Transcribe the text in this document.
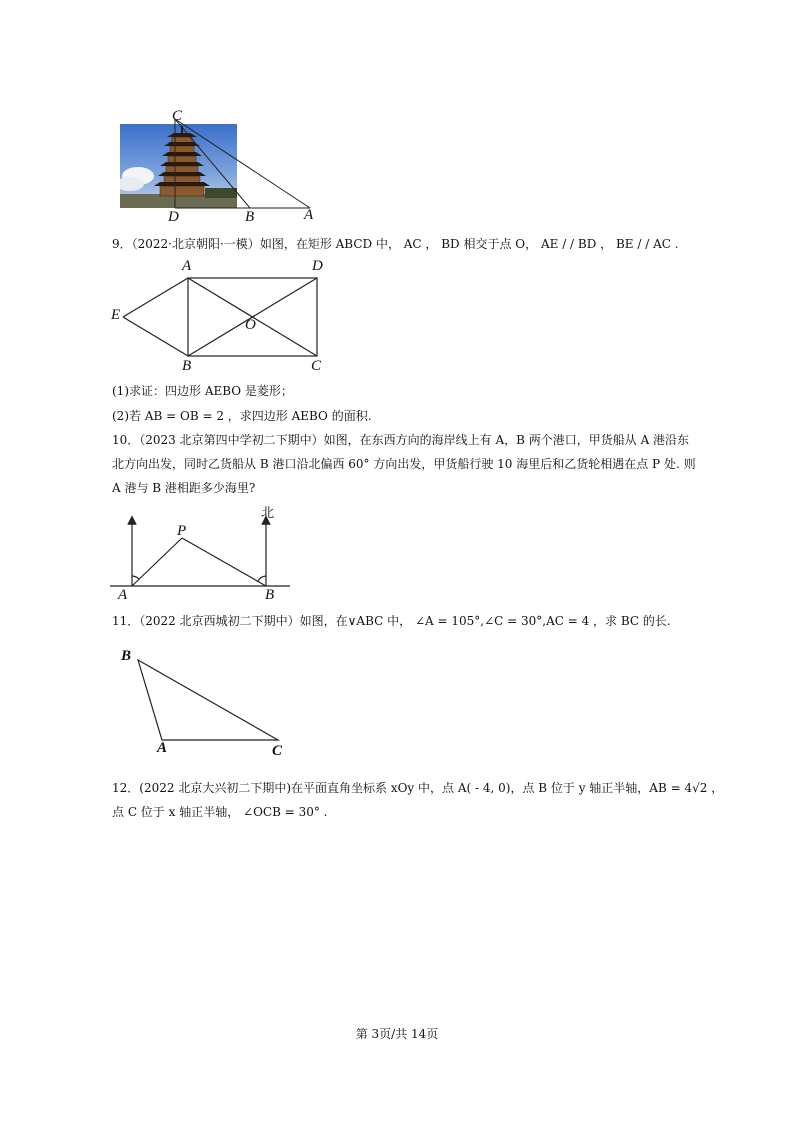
C
D	B	A
9．（2022·北京朝阳·一模）如图，在矩形 ABCD 中， AC ， BD 相交于点 O， AE / / BD ， BE / / AC .
A	D
E
O
B	C
(1)求证：四边形 AEBO 是菱形；
(2)若 AB = OB = 2 ，求四边形 AEBO 的面积.
10．（2023 北京第四中学初二下期中）如图，在东西方向的海岸线上有 A，B 两个港口，甲货船从 A 港沿东
北方向出发，同时乙货船从 B 港口沿北偏西 60° 方向出发，甲货船行驶 10 海里后和乙货轮相遇在点 P 处. 则
A 港与 B 港相距多少海里?
北
P
A	B
11．（2022 北京西城初二下期中）如图，在∨ABC 中， ∠A = 105°,∠C = 30°,AC = 4 ，求 BC 的长.
B
A	C
12．(2022 北京大兴初二下期中)在平面直角坐标系 xOy 中，点 A( - 4, 0)，点 B 位于 y 轴正半轴，AB = 4√2 ，
点 C 位于 x 轴正半轴， ∠OCB = 30° .
第 3页/共 14页
